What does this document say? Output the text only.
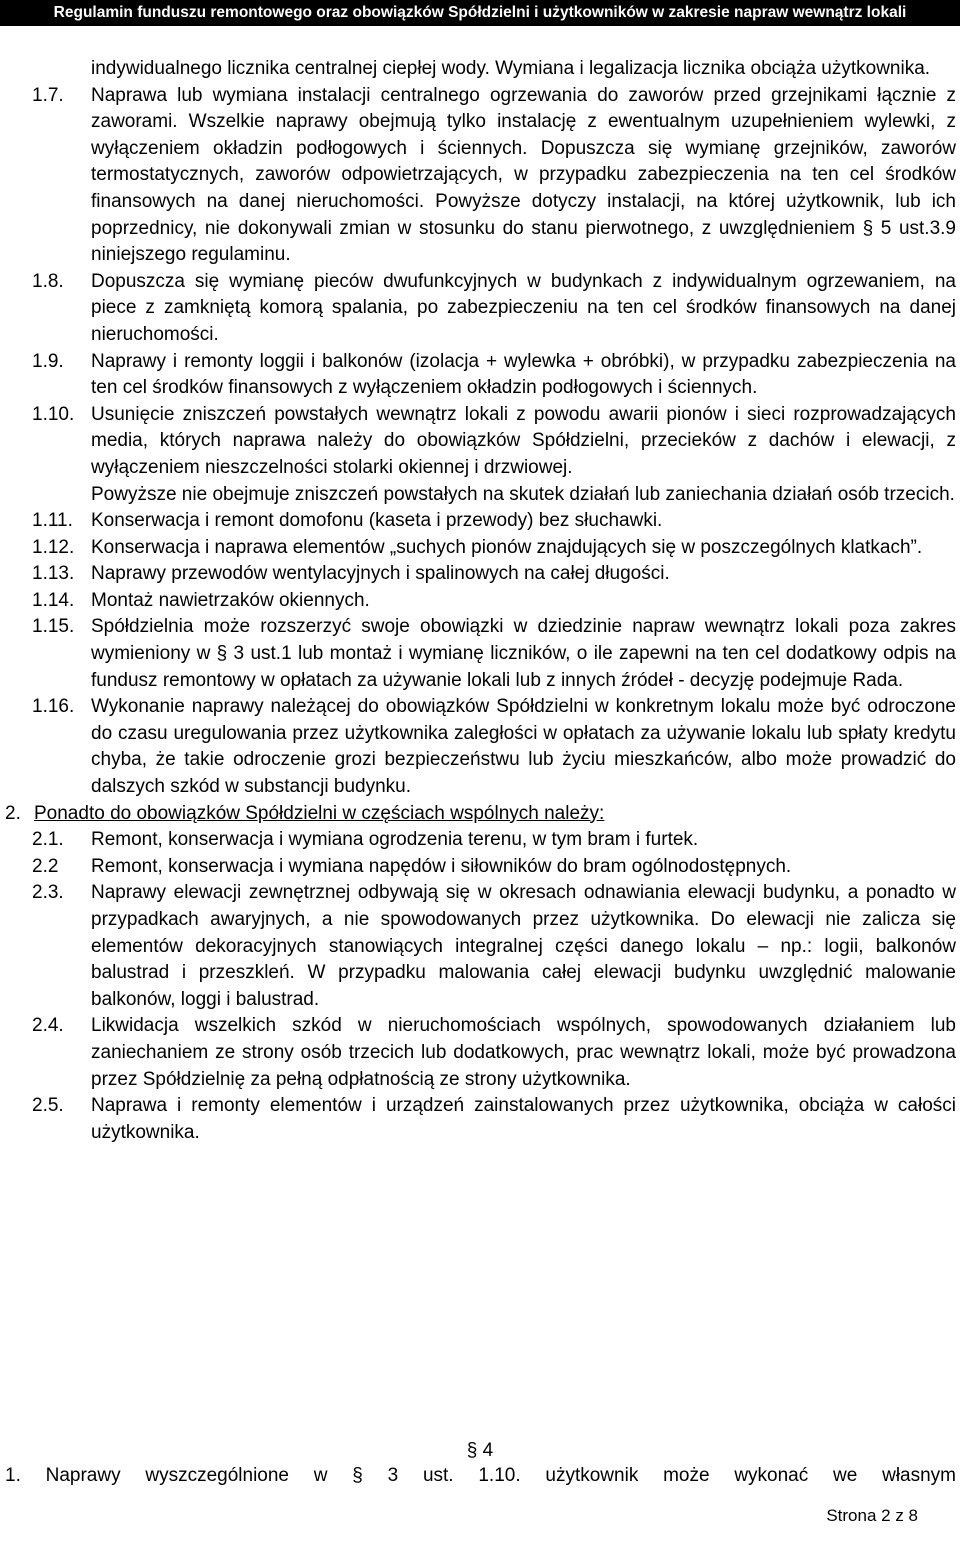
Regulamin funduszu remontowego oraz obowiązków Spółdzielni i użytkowników w zakresie napraw wewnątrz lokali
indywidualnego licznika centralnej ciepłej wody. Wymiana i legalizacja licznika obciąża użytkownika.
1.7. Naprawa lub wymiana instalacji centralnego ogrzewania do zaworów przed grzejnikami łącznie z zaworami. Wszelkie naprawy obejmują tylko instalację z ewentualnym uzupełnieniem wylewki, z wyłączeniem okładzin podłogowych i ściennych. Dopuszcza się wymianę grzejników, zaworów termostatycznych, zaworów odpowietrzających, w przypadku zabezpieczenia na ten cel środków finansowych na danej nieruchomości. Powyższe dotyczy instalacji, na której użytkownik, lub ich poprzednicy, nie dokonywali zmian w stosunku do stanu pierwotnego, z uwzględnieniem § 5 ust.3.9 niniejszego regulaminu.
1.8. Dopuszcza się wymianę pieców dwufunkcyjnych w budynkach z indywidualnym ogrzewaniem, na piece z zamkniętą komorą spalania, po zabezpieczeniu na ten cel środków finansowych na danej nieruchomości.
1.9. Naprawy i remonty loggii i balkonów (izolacja + wylewka + obróbki), w przypadku zabezpieczenia na ten cel środków finansowych z wyłączeniem okładzin podłogowych i ściennych.
1.10. Usunięcie zniszczeń powstałych wewnątrz lokali z powodu awarii pionów i sieci rozprowadzających media, których naprawa należy do obowiązków Spółdzielni, przecieków z dachów i elewacji, z wyłączeniem nieszczelności stolarki okiennej i drzwiowej.
Powyższe nie obejmuje zniszczeń powstałych na skutek działań lub zaniechania działań osób trzecich.
1.11. Konserwacja i remont domofonu (kaseta i przewody) bez słuchawki.
1.12. Konserwacja i naprawa elementów „suchych pionów znajdujących się w poszczególnych klatkach”.
1.13. Naprawy przewodów wentylacyjnych i spalinowych na całej długości.
1.14. Montaż nawietrzaków okiennych.
1.15. Spółdzielnia może rozszerzyć swoje obowiązki w dziedzinie napraw wewnątrz lokali poza zakres wymieniony w § 3 ust.1 lub montaż i wymianę liczników, o ile zapewni na ten cel dodatkowy odpis na fundusz remontowy w opłatach za używanie lokali lub z innych źródeł - decyzję podejmuje Rada.
1.16. Wykonanie naprawy należącej do obowiązków Spółdzielni w konkretnym lokalu może być odroczone do czasu uregulowania przez użytkownika zaległości w opłatach za używanie lokalu lub spłaty kredytu chyba, że takie odroczenie grozi bezpieczeństwu lub życiu mieszkańców, albo może prowadzić do dalszych szkód w substancji budynku.
2. Ponadto do obowiązków Spółdzielni w częściach wspólnych należy:
2.1. Remont, konserwacja i wymiana ogrodzenia terenu, w tym bram i furtek.
2.2 Remont, konserwacja i wymiana napędów i siłowników do bram ogólnodostępnych.
2.3. Naprawy elewacji zewnętrznej odbywają się w okresach odnawiania elewacji budynku, a ponadto w przypadkach awaryjnych, a nie spowodowanych przez użytkownika. Do elewacji nie zalicza się elementów dekoracyjnych stanowiących integralnej części danego lokalu – np.: logii, balkonów balustrad i przeszkleń. W przypadku malowania całej elewacji budynku uwzględnić malowanie balkonów, loggi i balustrad.
2.4. Likwidacja wszelkich szkód w nieruchomościach wspólnych, spowodowanych działaniem lub zaniechaniem ze strony osób trzecich lub dodatkowych, prac wewnątrz lokali, może być prowadzona przez Spółdzielnię za pełną odpłatnością ze strony użytkownika.
2.5. Naprawa i remonty elementów i urządzeń zainstalowanych przez użytkownika, obciąża w całości użytkownika.
§ 4
1. Naprawy wyszczególnione w § 3 ust. 1.10. użytkownik może wykonać we własnym
Strona 2 z 8
